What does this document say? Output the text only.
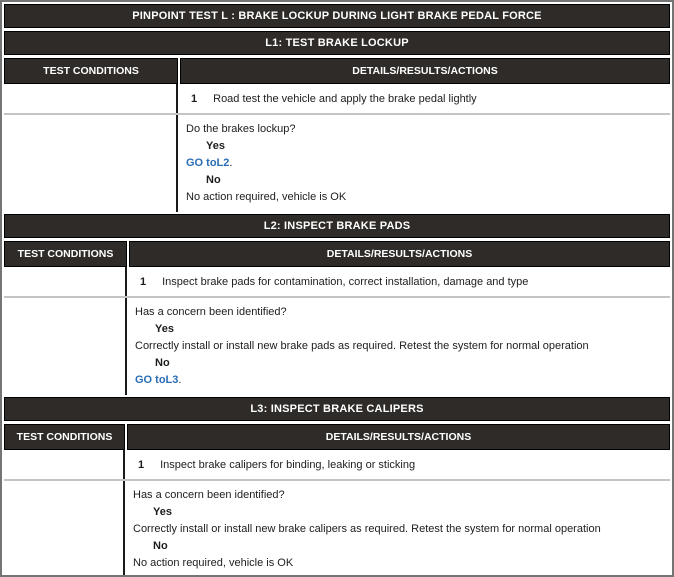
PINPOINT TEST L : BRAKE LOCKUP DURING LIGHT BRAKE PEDAL FORCE
L1: TEST BRAKE LOCKUP
TEST CONDITIONS	DETAILS/RESULTS/ACTIONS
1 Road test the vehicle and apply the brake pedal lightly
Do the brakes lockup?
Yes
GO toL2.
No
No action required, vehicle is OK
L2: INSPECT BRAKE PADS
TEST CONDITIONS	DETAILS/RESULTS/ACTIONS
1 Inspect brake pads for contamination, correct installation, damage and type
Has a concern been identified?
Yes
Correctly install or install new brake pads as required. Retest the system for normal operation
No
GO toL3.
L3: INSPECT BRAKE CALIPERS
TEST CONDITIONS	DETAILS/RESULTS/ACTIONS
1 Inspect brake calipers for binding, leaking or sticking
Has a concern been identified?
Yes
Correctly install or install new brake calipers as required. Retest the system for normal operation
No
No action required, vehicle is OK
